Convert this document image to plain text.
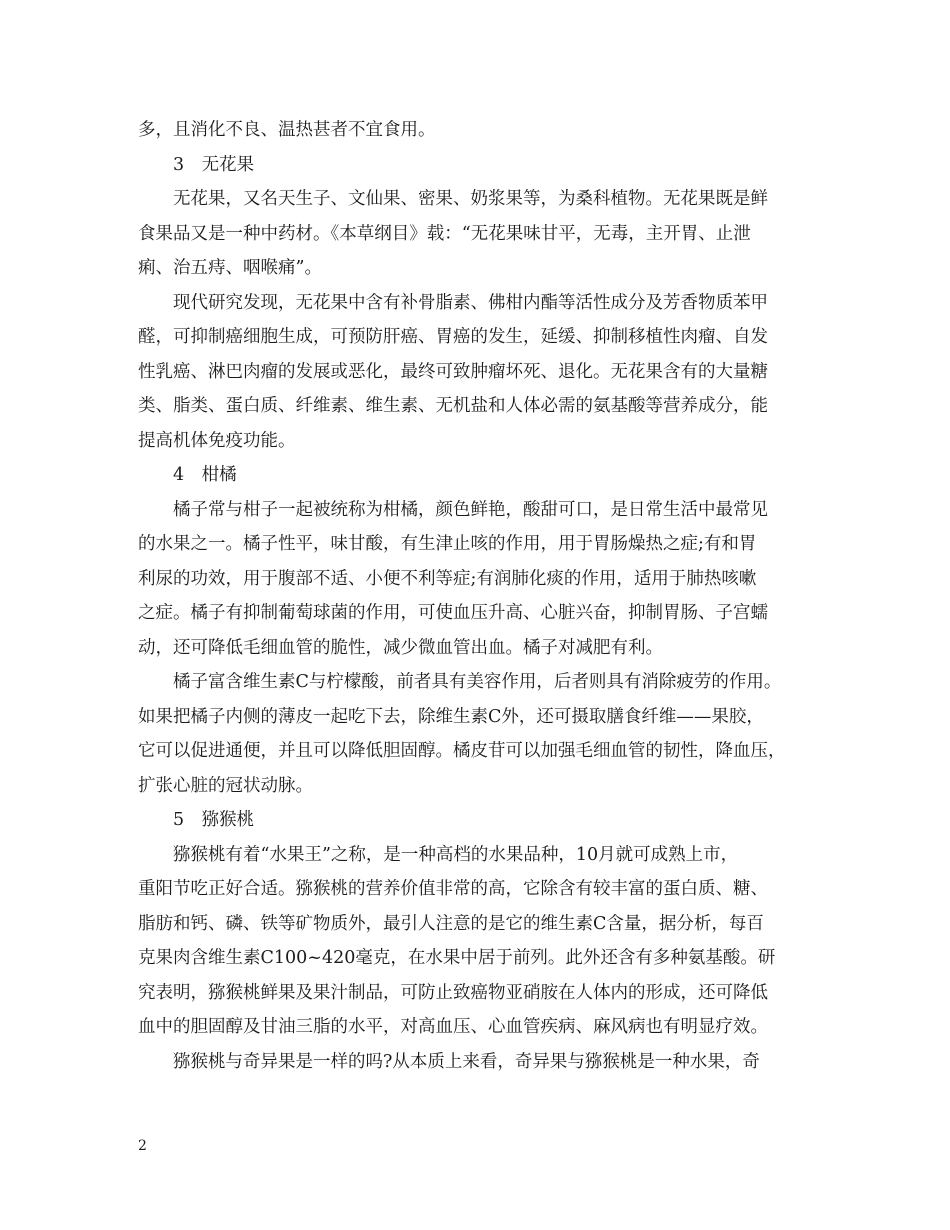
多，且消化不良、温热甚者不宜食用。
3　无花果
无花果，又名天生子、文仙果、密果、奶浆果等，为桑科植物。无花果既是鲜
食果品又是一种中药材。《本草纲目》载：“无花果味甘平，无毒，主开胃、止泄
痢、治五痔、咽喉痛”。
现代研究发现，无花果中含有补骨脂素、佛柑内酯等活性成分及芳香物质苯甲
醛，可抑制癌细胞生成，可预防肝癌、胃癌的发生，延缓、抑制移植性肉瘤、自发
性乳癌、淋巴肉瘤的发展或恶化，最终可致肿瘤坏死、退化。无花果含有的大量糖
类、脂类、蛋白质、纤维素、维生素、无机盐和人体必需的氨基酸等营养成分，能
提高机体免疫功能。
4　柑橘
橘子常与柑子一起被统称为柑橘，颜色鲜艳，酸甜可口，是日常生活中最常见
的水果之一。橘子性平，味甘酸，有生津止咳的作用，用于胃肠燥热之症;有和胃
利尿的功效，用于腹部不适、小便不利等症;有润肺化痰的作用，适用于肺热咳嗽
之症。橘子有抑制葡萄球菌的作用，可使血压升高、心脏兴奋，抑制胃肠、子宫蠕
动，还可降低毛细血管的脆性，减少微血管出血。橘子对减肥有利。
橘子富含维生素C与柠檬酸，前者具有美容作用，后者则具有消除疲劳的作用。
如果把橘子内侧的薄皮一起吃下去，除维生素C外，还可摄取膳食纤维——果胶，
它可以促进通便，并且可以降低胆固醇。橘皮苷可以加强毛细血管的韧性，降血压，
扩张心脏的冠状动脉。
5　猕猴桃
猕猴桃有着“水果王”之称，是一种高档的水果品种，10月就可成熟上市，
重阳节吃正好合适。猕猴桃的营养价值非常的高，它除含有较丰富的蛋白质、糖、
脂肪和钙、磷、铁等矿物质外，最引人注意的是它的维生素C含量，据分析，每百
克果肉含维生素C100~420毫克，在水果中居于前列。此外还含有多种氨基酸。研
究表明，猕猴桃鲜果及果汁制品，可防止致癌物亚硝胺在人体内的形成，还可降低
血中的胆固醇及甘油三脂的水平，对高血压、心血管疾病、麻风病也有明显疗效。
猕猴桃与奇异果是一样的吗?从本质上来看，奇异果与猕猴桃是一种水果，奇
2
